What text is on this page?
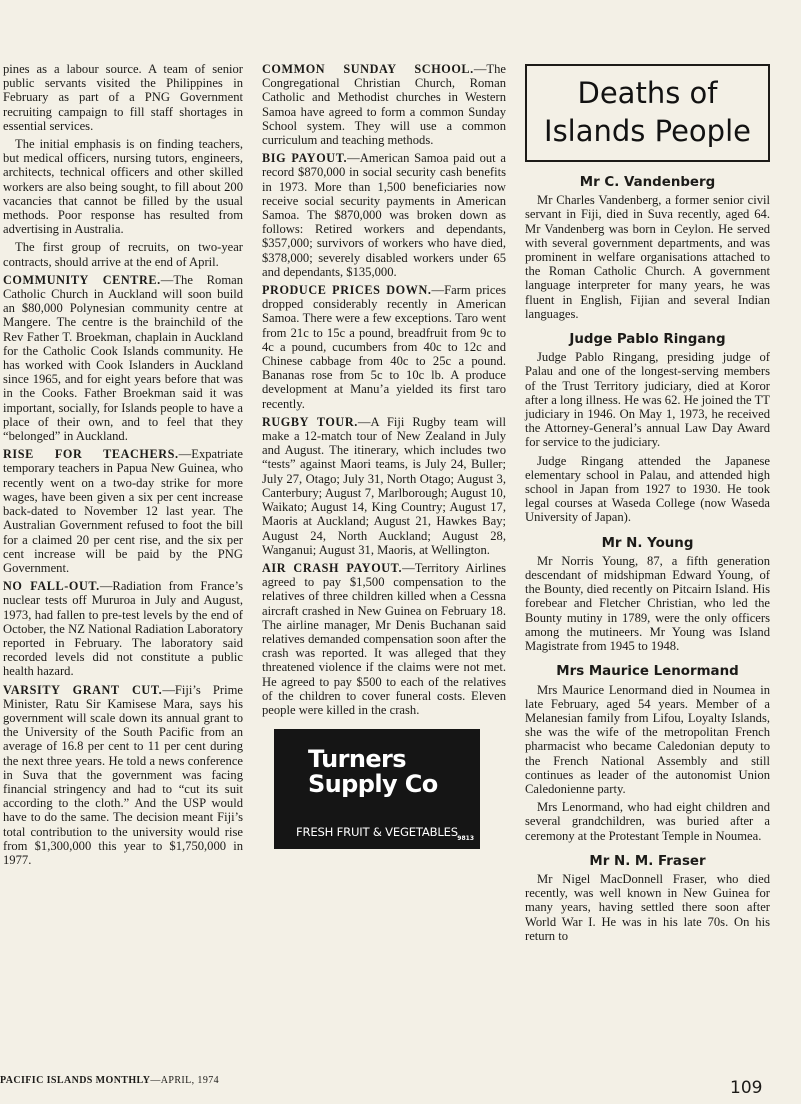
pines as a labour source. A team of senior public servants visited the Philippines in February as part of a PNG Government recruiting campaign to fill staff shortages in essential services.

The initial emphasis is on finding teachers, but medical officers, nursing tutors, engineers, architects, technical officers and other skilled workers are also being sought, to fill about 200 vacancies that cannot be filled by the usual methods. Poor response has resulted from advertising in Australia.

The first group of recruits, on two-year contracts, should arrive at the end of April.

COMMUNITY CENTRE.—The Roman Catholic Church in Auckland will soon build an $80,000 Polynesian community centre at Mangere. The centre is the brainchild of the Rev Father T. Broekman, chaplain in Auckland for the Catholic Cook Islands community. He has worked with Cook Islanders in Auckland since 1965, and for eight years before that was in the Cooks. Father Broekman said it was important, socially, for Islands people to have a place of their own, and to feel that they “belonged” in Auckland.

RISE FOR TEACHERS.—Expatriate temporary teachers in Papua New Guinea, who recently went on a two-day strike for more wages, have been given a six per cent increase back-dated to November 12 last year. The Australian Government refused to foot the bill for a claimed 20 per cent rise, and the six per cent increase will be paid by the PNG Government.

NO FALL-OUT.—Radiation from France’s nuclear tests off Mururoa in July and August, 1973, had fallen to pre-test levels by the end of October, the NZ National Radiation Laboratory reported in February. The laboratory said recorded levels did not constitute a public health hazard.

VARSITY GRANT CUT.—Fiji’s Prime Minister, Ratu Sir Kamisese Mara, says his government will scale down its annual grant to the University of the South Pacific from an average of 16.8 per cent to 11 per cent during the next three years. He told a news conference in Suva that the government was facing financial stringency and had to “cut its suit according to the cloth.” And the USP would have to do the same. The decision meant Fiji’s total contribution to the university would rise from $1,300,000 this year to $1,750,000 in 1977.

COMMON SUNDAY SCHOOL.—The Congregational Christian Church, Roman Catholic and Methodist churches in Western Samoa have agreed to form a common Sunday School system. They will use a common curriculum and teaching methods.

BIG PAYOUT.—American Samoa paid out a record $870,000 in social security cash benefits in 1973. More than 1,500 beneficiaries now receive social security payments in American Samoa. The $870,000 was broken down as follows: Retired workers and dependants, $357,000; survivors of workers who have died, $378,000; severely disabled workers under 65 and dependants, $135,000.

PRODUCE PRICES DOWN.—Farm prices dropped considerably recently in American Samoa. There were a few exceptions. Taro went from 21c to 15c a pound, breadfruit from 9c to 4c a pound, cucumbers from 40c to 12c and Chinese cabbage from 40c to 25c a pound. Bananas rose from 5c to 10c lb. A produce development at Manu’a yielded its first taro recently.

RUGBY TOUR.—A Fiji Rugby team will make a 12-match tour of New Zealand in July and August. The itinerary, which includes two “tests” against Maori teams, is July 24, Buller; July 27, Otago; July 31, North Otago; August 3, Canterbury; August 7, Marlborough; August 10, Waikato; August 14, King Country; August 17, Maoris at Auckland; August 21, Hawkes Bay; August 24, North Auckland; August 28, Wanganui; August 31, Maoris, at Wellington.

AIR CRASH PAYOUT.—Territory Airlines agreed to pay $1,500 compensation to the relatives of three children killed when a Cessna aircraft crashed in New Guinea on February 18. The airline manager, Mr Denis Buchanan said relatives demanded compensation soon after the crash was reported. It was alleged that they threatened violence if the claims were not met. He agreed to pay $500 to each of the relatives of the children to cover funeral costs. Eleven people were killed in the crash.

Turners
Supply Co
FRESH FRUIT & VEGETABLES 9813
Deaths of Islands People
Mr C. Vandenberg

Mr Charles Vandenberg, a former senior civil servant in Fiji, died in Suva recently, aged 64. Mr Vandenberg was born in Ceylon. He served with several government departments, and was prominent in welfare organisations attached to the Roman Catholic Church. A government language interpreter for many years, he was fluent in English, Fijian and several Indian languages.

Judge Pablo Ringang

Judge Pablo Ringang, presiding judge of Palau and one of the longest-serving members of the Trust Territory judiciary, died at Koror after a long illness. He was 62. He joined the TT judiciary in 1946. On May 1, 1973, he received the Attorney-General’s annual Law Day Award for service to the judiciary.

Judge Ringang attended the Japanese elementary school in Palau, and attended high school in Japan from 1927 to 1930. He took legal courses at Waseda College (now Waseda University of Japan).

Mr N. Young

Mr Norris Young, 87, a fifth generation descendant of midshipman Edward Young, of the Bounty, died recently on Pitcairn Island. His forebear and Fletcher Christian, who led the Bounty mutiny in 1789, were the only officers among the mutineers. Mr Young was Island Magistrate from 1945 to 1948.

Mrs Maurice Lenormand

Mrs Maurice Lenormand died in Noumea in late February, aged 54 years. Member of a Melanesian family from Lifou, Loyalty Islands, she was the wife of the metropolitan French pharmacist who became Caledonian deputy to the French National Assembly and still continues as leader of the autonomist Union Caledonienne party.

Mrs Lenormand, who had eight children and several grandchildren, was buried after a ceremony at the Protestant Temple in Noumea.

Mr N. M. Fraser

Mr Nigel MacDonnell Fraser, who died recently, was well known in New Guinea for many years, having settled there soon after World War I. He was in his late 70s. On his return to

PACIFIC ISLANDS MONTHLY—APRIL, 1974	109
